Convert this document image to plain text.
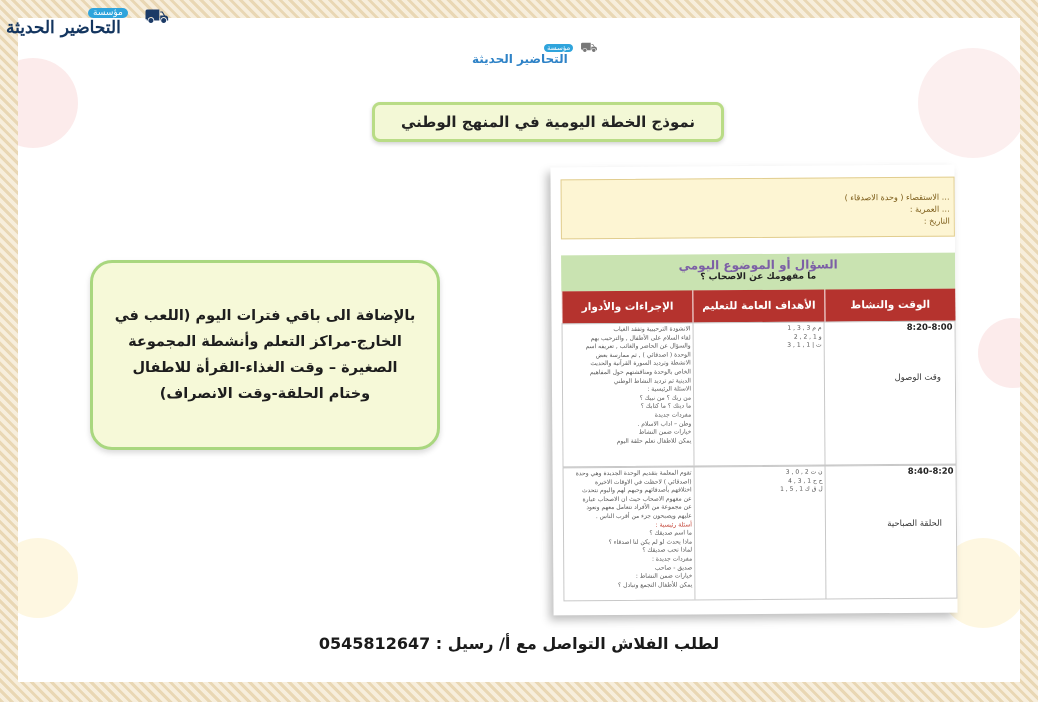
⛟
مؤسسة
التحاضير الحديثة
⛟
مؤسسة
التحاضير الحديثة
نموذج الخطة اليومية في المنهج الوطني
بالإضافة الى باقي فترات اليوم (اللعب في الخارج-مراكز التعلم وأنشطة المجموعة الصغيرة – وقت الغذاء-القرأة للاطفال وختام الحلقة-وقت الانصراف)
… الاستقصاء ( وحدة الاصدقاء )
… العمرية :
التاريخ :
السؤال أو الموضوع اليومي
ما مفهومك عن الاصحاب ؟
الوقت والنشاط
الأهداف العامة للتعليم
الإجراءات والأدوار
8:20-8:00
وقت الوصول
م م 3 , 3 , 1
و 1 , 2 , 2
ت | 1 , 1 , 3
الانشودة الترحيبية وتفقد الغياب
لقاء السلام على الأطفال , والترحيب بهم
والسؤال عن الحاضر والغائب , تعريفه اسم
الوحدة ( اصدقائي ) , ثم ممارسة بعض
الانشطة وترديد السورة القرآنية والحديث
الخاص بالوحدة ومناقشتهم حول المفاهيم
الدينية ثم ترديد النشاط الوطني
الاسئلة الرئيسية :
من ربك ؟ من نبيك ؟
ما دينك ؟ ما كتابك ؟
مفردات جديدة
وطن – اداب الاسلام .
خيارات ضمن النشاط
يمكن للاطفال تعلم حلقة اليوم
8:40-8:20
الحلقة الصباحية
ن ت 2 , 0 , 3
ح ح 1 , 3 , 4
ل ق ك 1 , 5 , 1
تقوم المعلمة بتقديم الوحدة الجديدة وهي وحدة
(اصدقائي ) لاحظت في الاوقات الاخيرة
اختلافهم بأصدقائهم وحبهم لهم واليوم نتحدث
عن مفهوم الاصحاب حيث ان الاصحاب عبارة
عن مجموعة من الأفراد نتعامل معهم ونعود
عليهم ويصبحون جزء من أقرب الناس .
أسئلة رئيسية :
ما اسم صديقك ؟
ماذا يحدث لو لم يكن لنا اصدقاء ؟
لماذا نحب صديقك ؟
مفردات جديدة :
صديق - صاحب
خيارات ضمن النشاط :
يمكن للأطفال التجمع وتبادل ؟
لطلب الفلاش التواصل مع أ/ رسيل : 0545812647
